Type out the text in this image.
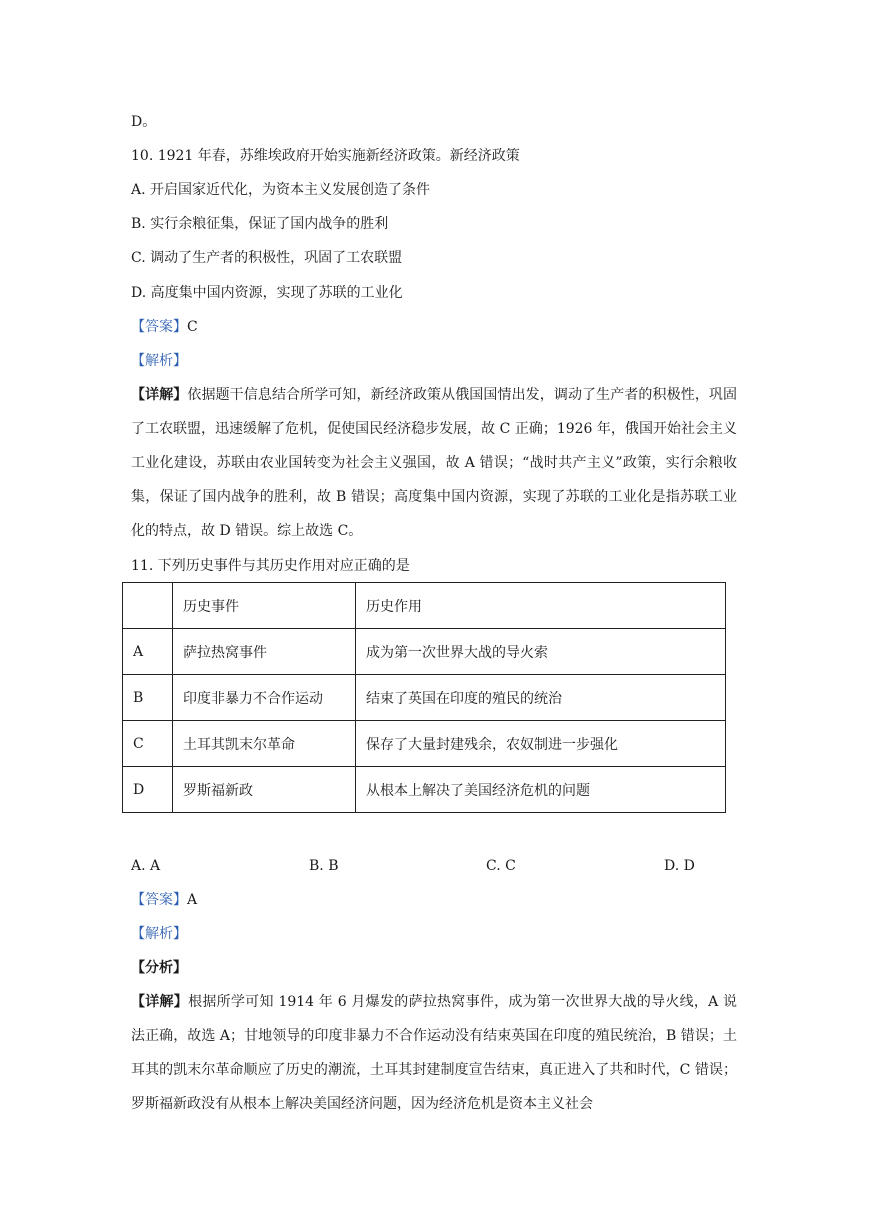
D。
10. 1921 年春，苏维埃政府开始实施新经济政策。新经济政策
A. 开启国家近代化，为资本主义发展创造了条件
B. 实行余粮征集，保证了国内战争的胜利
C. 调动了生产者的积极性，巩固了工农联盟
D. 高度集中国内资源，实现了苏联的工业化
【答案】C
【解析】
【详解】依据题干信息结合所学可知，新经济政策从俄国国情出发，调动了生产者的积极性，巩固了工农联盟，迅速缓解了危机，促使国民经济稳步发展，故 C 正确；1926 年，俄国开始社会主义工业化建设，苏联由农业国转变为社会主义强国，故 A 错误；“战时共产主义”政策，实行余粮收集，保证了国内战争的胜利，故 B 错误；高度集中国内资源，实现了苏联的工业化是指苏联工业化的特点，故 D 错误。综上故选 C。
11. 下列历史事件与其历史作用对应正确的是
	历史事件	历史作用
A	萨拉热窝事件	成为第一次世界大战的导火索
B	印度非暴力不合作运动	结束了英国在印度的殖民的统治
C	土耳其凯末尔革命	保存了大量封建残余，农奴制进一步强化
D	罗斯福新政	从根本上解决了美国经济危机的问题
A. A	B. B	C. C	D. D
【答案】A
【解析】
【分析】
【详解】根据所学可知 1914 年 6 月爆发的萨拉热窝事件，成为第一次世界大战的导火线，A 说法正确，故选 A；甘地领导的印度非暴力不合作运动没有结束英国在印度的殖民统治，B 错误；土耳其的凯末尔革命顺应了历史的潮流，土耳其封建制度宣告结束，真正进入了共和时代，C 错误；罗斯福新政没有从根本上解决美国经济问题，因为经济危机是资本主义社会
